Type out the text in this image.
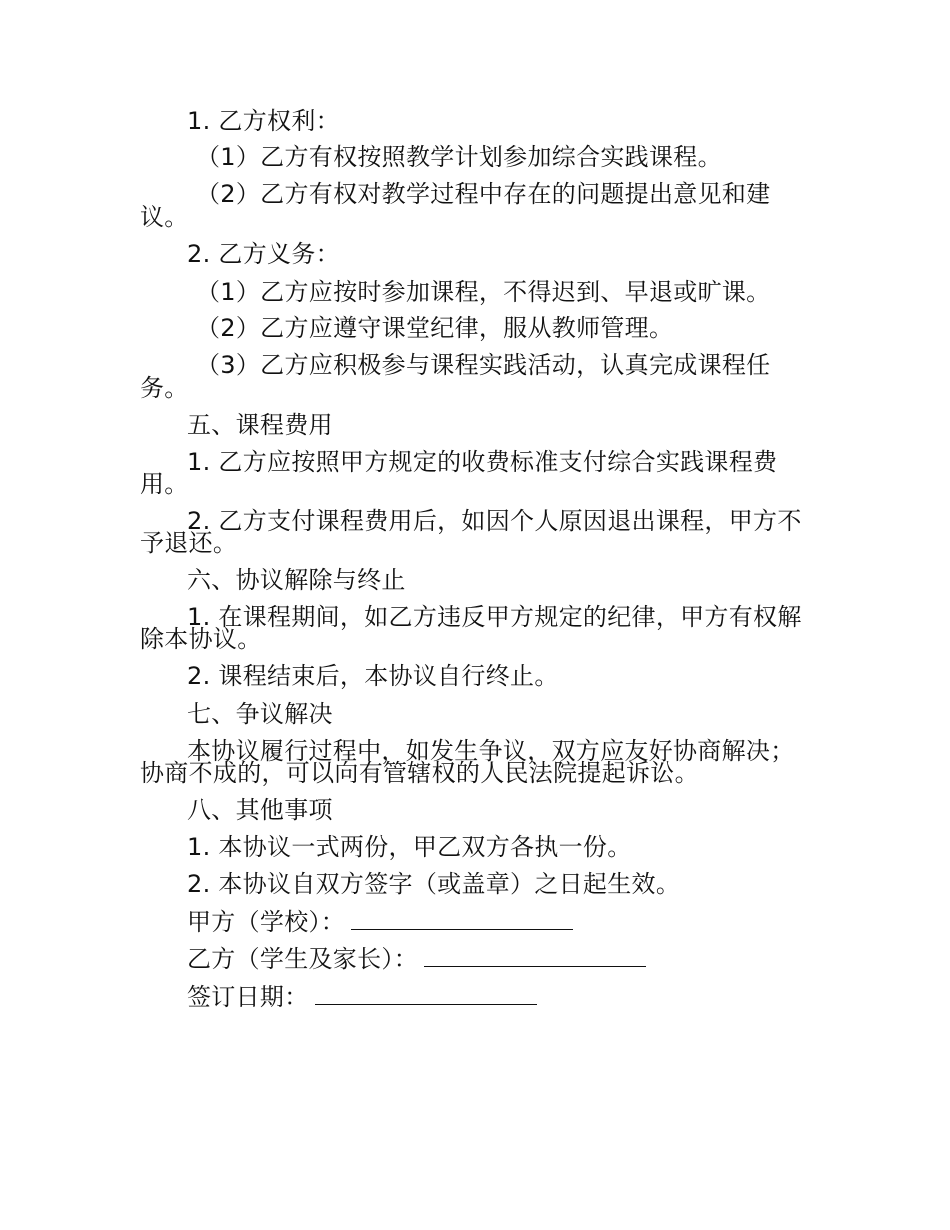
1. 乙方权利：
（1）乙方有权按照教学计划参加综合实践课程。
（2）乙方有权对教学过程中存在的问题提出意见和建
议。
2. 乙方义务：
（1）乙方应按时参加课程，不得迟到、早退或旷课。
（2）乙方应遵守课堂纪律，服从教师管理。
（3）乙方应积极参与课程实践活动，认真完成课程任
务。
五、课程费用
1. 乙方应按照甲方规定的收费标准支付综合实践课程费
用。
2. 乙方支付课程费用后，如因个人原因退出课程，甲方不
予退还。
六、协议解除与终止
1. 在课程期间，如乙方违反甲方规定的纪律，甲方有权解
除本协议。
2. 课程结束后，本协议自行终止。
七、争议解决
本协议履行过程中，如发生争议，双方应友好协商解决；
协商不成的，可以向有管辖权的人民法院提起诉讼。
八、其他事项
1. 本协议一式两份，甲乙双方各执一份。
2. 本协议自双方签字（或盖章）之日起生效。
甲方（学校）：
乙方（学生及家长）：
签订日期：
